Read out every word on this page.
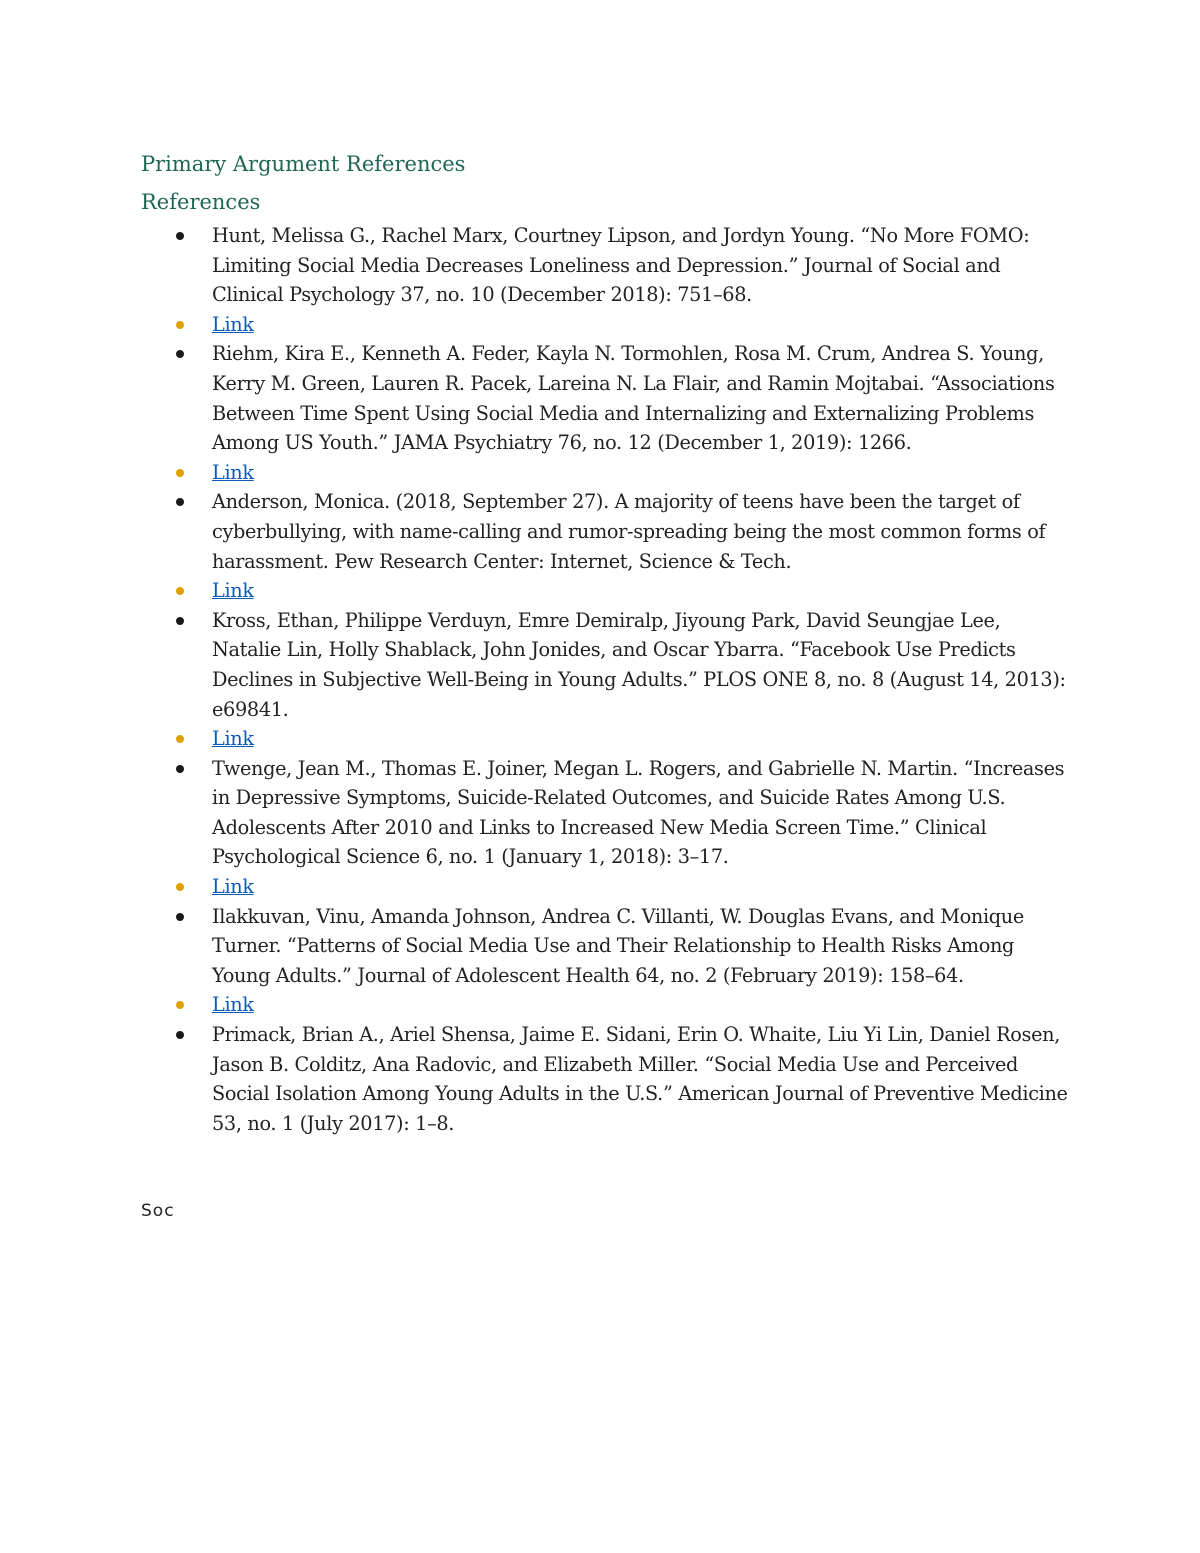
Primary Argument References
References
Hunt, Melissa G., Rachel Marx, Courtney Lipson, and Jordyn Young. “No More FOMO: Limiting Social Media Decreases Loneliness and Depression.” Journal of Social and Clinical Psychology 37, no. 10 (December 2018): 751–68.
Link
Riehm, Kira E., Kenneth A. Feder, Kayla N. Tormohlen, Rosa M. Crum, Andrea S. Young, Kerry M. Green, Lauren R. Pacek, Lareina N. La Flair, and Ramin Mojtabai. “Associations Between Time Spent Using Social Media and Internalizing and Externalizing Problems Among US Youth.” JAMA Psychiatry 76, no. 12 (December 1, 2019): 1266.
Link
Anderson, Monica. (2018, September 27). A majority of teens have been the target of cyberbullying, with name-calling and rumor-spreading being the most common forms of harassment. Pew Research Center: Internet, Science & Tech.
Link
Kross, Ethan, Philippe Verduyn, Emre Demiralp, Jiyoung Park, David Seungjae Lee, Natalie Lin, Holly Shablack, John Jonides, and Oscar Ybarra. “Facebook Use Predicts Declines in Subjective Well-Being in Young Adults.” PLOS ONE 8, no. 8 (August 14, 2013): e69841.
Link
Twenge, Jean M., Thomas E. Joiner, Megan L. Rogers, and Gabrielle N. Martin. “Increases in Depressive Symptoms, Suicide-Related Outcomes, and Suicide Rates Among U.S. Adolescents After 2010 and Links to Increased New Media Screen Time.” Clinical Psychological Science 6, no. 1 (January 1, 2018): 3–17.
Link
Ilakkuvan, Vinu, Amanda Johnson, Andrea C. Villanti, W. Douglas Evans, and Monique Turner. “Patterns of Social Media Use and Their Relationship to Health Risks Among Young Adults.” Journal of Adolescent Health 64, no. 2 (February 2019): 158–64.
Link
Primack, Brian A., Ariel Shensa, Jaime E. Sidani, Erin O. Whaite, Liu Yi Lin, Daniel Rosen, Jason B. Colditz, Ana Radovic, and Elizabeth Miller. “Social Media Use and Perceived Social Isolation Among Young Adults in the U.S.” American Journal of Preventive Medicine 53, no. 1 (July 2017): 1–8.

Soc
